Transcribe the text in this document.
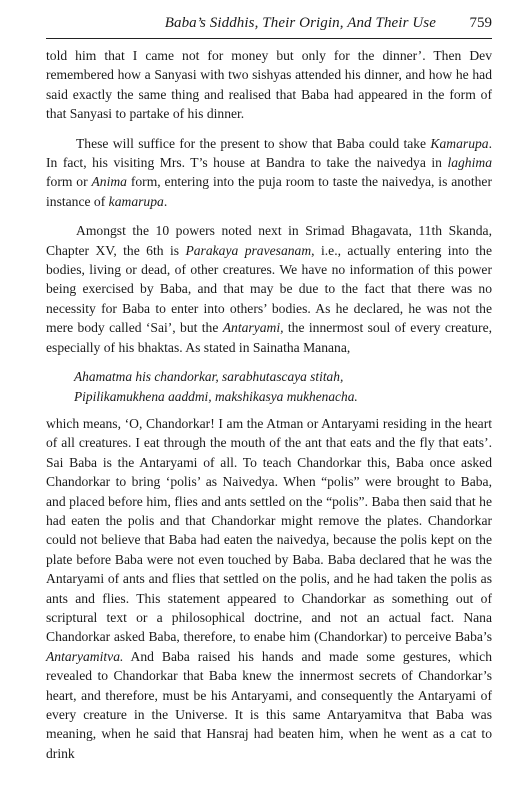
Baba’s Siddhis, Their Origin, And Their Use 759

told him that I came not for money but only for the dinner’. Then Dev remembered how a Sanyasi with two sishyas attended his dinner, and how he had said exactly the same thing and realised that Baba had appeared in the form of that Sanyasi to partake of his dinner.

These will suffice for the present to show that Baba could take Kamarupa. In fact, his visiting Mrs. T’s house at Bandra to take the naivedya in laghima form or Anima form, entering into the puja room to taste the naivedya, is another instance of kamarupa.

Amongst the 10 powers noted next in Srimad Bhagavata, 11th Skanda, Chapter XV, the 6th is Parakaya pravesanam, i.e., actually entering into the bodies, living or dead, of other creatures. We have no information of this power being exercised by Baba, and that may be due to the fact that there was no necessity for Baba to enter into others’ bodies. As he declared, he was not the mere body called ‘Sai’, but the Antaryami, the innermost soul of every creature, especially of his bhaktas. As stated in Sainatha Manana,

Ahamatma his chandorkar, sarabhutascaya stitah,
Pipilikamukhena aaddmi, makshikasya mukhenacha.

which means, ‘O, Chandorkar! I am the Atman or Antaryami residing in the heart of all creatures. I eat through the mouth of the ant that eats and the fly that eats’. Sai Baba is the Antaryami of all. To teach Chandorkar this, Baba once asked Chandorkar to bring ‘polis’ as Naivedya. When “polis” were brought to Baba, and placed before him, flies and ants settled on the “polis”. Baba then said that he had eaten the polis and that Chandorkar might remove the plates. Chandorkar could not believe that Baba had eaten the naivedya, because the polis kept on the plate before Baba were not even touched by Baba. Baba declared that he was the Antaryami of ants and flies that settled on the polis, and he had taken the polis as ants and flies. This statement appeared to Chandorkar as something out of scriptural text or a philosophical doctrine, and not an actual fact. Nana Chandorkar asked Baba, therefore, to enabe him (Chandorkar) to perceive Baba’s Antaryamitva. And Baba raised his hands and made some gestures, which revealed to Chandorkar that Baba knew the innermost secrets of Chandorkar’s heart, and therefore, must be his Antaryami, and consequently the Antaryami of every creature in the Universe. It is this same Antaryamitva that Baba was meaning, when he said that Hansraj had beaten him, when he went as a cat to drink
